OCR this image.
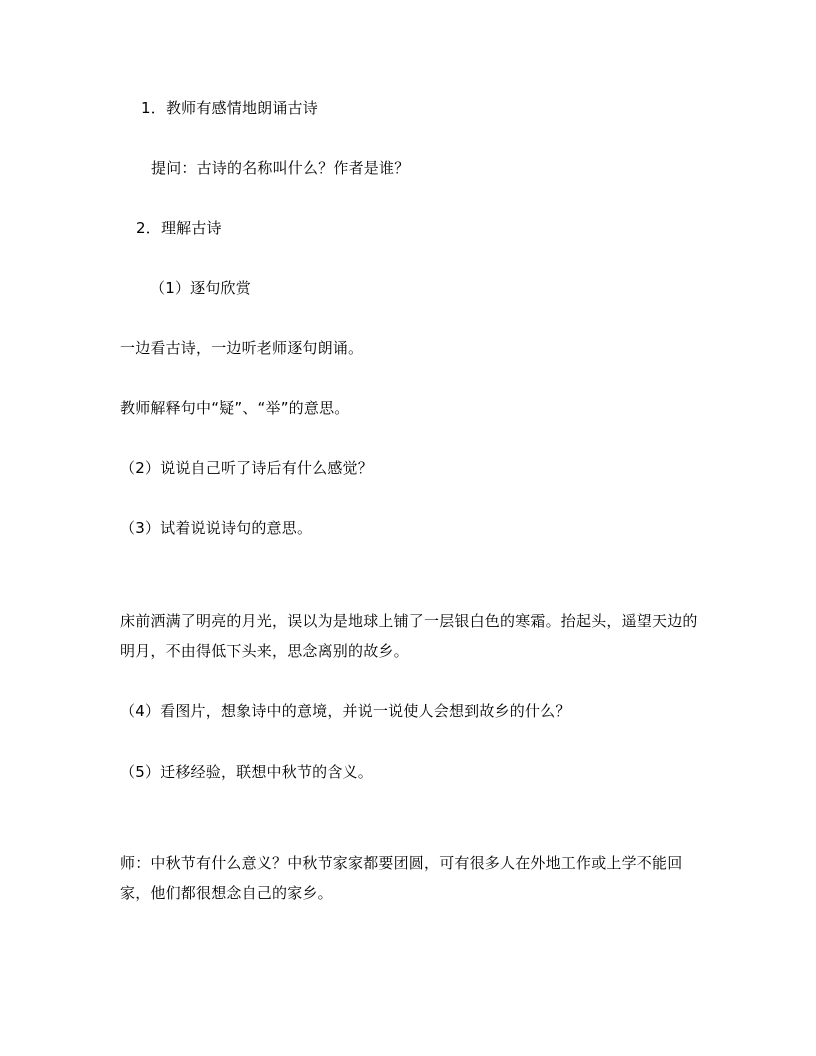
1．教师有感情地朗诵古诗
提问：古诗的名称叫什么？作者是谁？
2．理解古诗
（1）逐句欣赏
一边看古诗，一边听老师逐句朗诵。
教师解释句中“疑”、“举”的意思。
（2）说说自己听了诗后有什么感觉？
（3）试着说说诗句的意思。
床前洒满了明亮的月光，误以为是地球上铺了一层银白色的寒霜。抬起头，遥望天边的明月，不由得低下头来，思念离别的故乡。
（4）看图片，想象诗中的意境，并说一说使人会想到故乡的什么？
（5）迁移经验，联想中秋节的含义。
师：中秋节有什么意义？中秋节家家都要团圆，可有很多人在外地工作或上学不能回家，他们都很想念自己的家乡。
